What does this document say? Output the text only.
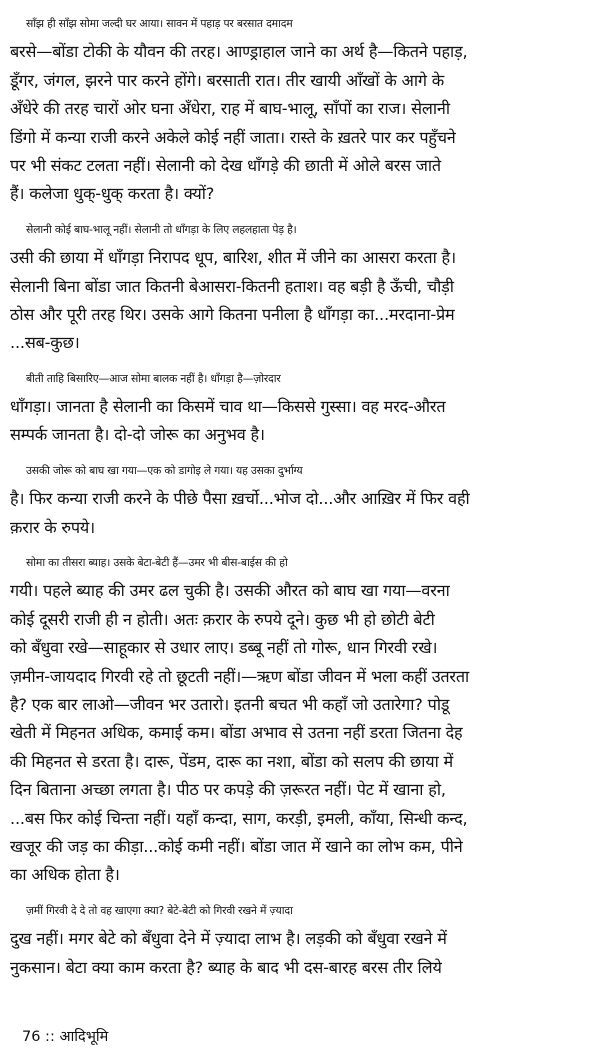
साँझ ही साँझ सोमा जल्दी घर आया। सावन में पहाड़ पर बरसात दमादम
बरसे—बोंडा टोकी के यौवन की तरह। आण्ड्राहाल जाने का अर्थ है—कितने पहाड़,
डूँगर, जंगल, झरने पार करने होंगे। बरसाती रात। तीर खायी आँखों के आगे के
अँधेरे की तरह चारों ओर घना अँधेरा, राह में बाघ-भालू, साँपों का राज। सेलानी
डिंगो में कन्या राजी करने अकेले कोई नहीं जाता। रास्ते के ख़तरे पार कर पहुँचने
पर भी संकट टलता नहीं। सेलानी को देख धाँगड़े की छाती में ओले बरस जाते
हैं। कलेजा धुक्-धुक् करता है। क्यों?
सेलानी कोई बाघ-भालू नहीं। सेलानी तो धाँगड़ा के लिए लहलहाता पेड़ है।
उसी की छाया में धाँगड़ा निरापद धूप, बारिश, शीत में जीने का आसरा करता है।
सेलानी बिना बोंडा जात कितनी बेआसरा-कितनी हताश। वह बड़ी है ऊँची, चौड़ी
ठोस और पूरी तरह थिर। उसके आगे कितना पनीला है धाँगड़ा का...मरदाना-प्रेम
...सब-कुछ।
बीती ताहि बिसारिए—आज सोमा बालक नहीं है। धाँगड़ा है—ज़ोरदार
धाँगड़ा। जानता है सेलानी का किसमें चाव था—किससे गुस्सा। वह मरद-औरत
सम्पर्क जानता है। दो-दो जोरू का अनुभव है।
उसकी जोरू को बाघ खा गया—एक को डागोइ ले गया। यह उसका दुर्भाग्य
है। फिर कन्या राजी करने के पीछे पैसा ख़र्चो...भोज दो...और आख़िर में फिर वही
क़रार के रुपये।
सोमा का तीसरा ब्याह। उसके बेटा-बेटी हैं—उमर भी बीस-बाईस की हो
गयी। पहले ब्याह की उमर ढल चुकी है। उसकी औरत को बाघ खा गया—वरना
कोई दूसरी राजी ही न होती। अतः क़रार के रुपये दूने। कुछ भी हो छोटी बेटी
को बँधुवा रखे—साहूकार से उधार लाए। डब्बू नहीं तो गोरू, धान गिरवी रखे।
ज़मीन-जायदाद गिरवी रहे तो छूटती नहीं।—ऋण बोंडा जीवन में भला कहीं उतरता
है? एक बार लाओ—जीवन भर उतारो। इतनी बचत भी कहाँ जो उतारेगा? पोडू
खेती में मिहनत अधिक, कमाई कम। बोंडा अभाव से उतना नहीं डरता जितना देह
की मिहनत से डरता है। दारू, पेंडम, दारू का नशा, बोंडा को सलप की छाया में
दिन बिताना अच्छा लगता है। पीठ पर कपड़े की ज़रूरत नहीं। पेट में खाना हो,
...बस फिर कोई चिन्ता नहीं। यहाँ कन्दा, साग, करड़ी, इमली, काँया, सिन्धी कन्द,
खजूर की जड़ का कीड़ा...कोई कमी नहीं। बोंडा जात में खाने का लोभ कम, पीने
का अधिक होता है।
ज़मीं गिरवी दे दे तो वह खाएगा क्या? बेटे-बेटी को गिरवी रखने में ज़्यादा
दुख नहीं। मगर बेटे को बँधुवा देने में ज़्यादा लाभ है। लड़की को बँधुवा रखने में
नुकसान। बेटा क्या काम करता है? ब्याह के बाद भी दस-बारह बरस तीर लिये
76 :: आदिभूमि
